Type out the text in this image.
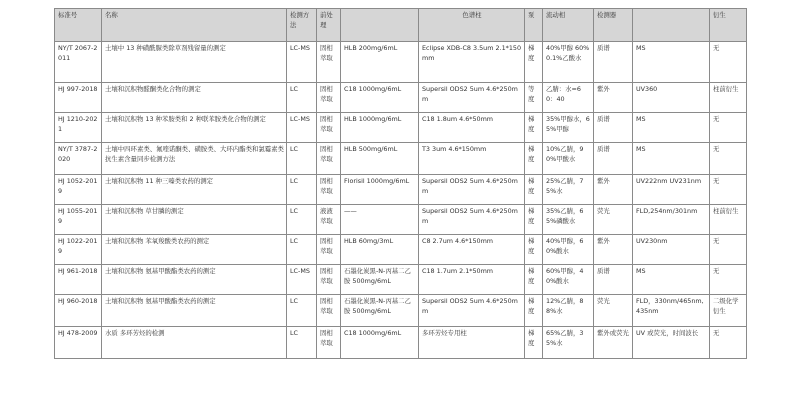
标准号	名称	检测方法	前处理		色谱柱	泵	流动相	检测器		衍生
NY/T 2067-2011	土壤中 13 种磺酰脲类除草剂残留量的测定	LC-MS	固相萃取	HLB 200mg/6mL	Eclipse XDB-C8 3.5um 2.1*150mm	梯度	40%甲醇 60% 0.1%乙酸水	质谱	MS	无
HJ 997-2018	土壤和沉积物醛酮类化合物的测定	LC	固相萃取	C18 1000mg/6mL	Supersil ODS2 5um 4.6*250mm	等度	乙腈：水=60：40	紫外	UV360	柱前衍生
HJ 1210-2021	土壤和沉积物 13 种苯胺类和 2 种联苯胺类化合物的测定	LC-MS	固相萃取	HLB 1000mg/6mL	C18 1.8um 4.6*50mm	梯度	35%甲醇水，65%甲醇	质谱	MS	无
NY/T 3787-2020	土壤中四环素类、氟喹诺酮类、磺胺类、大环内酯类和氯霉素类抗生素含量同步检测方法	LC	固相萃取	HLB 500mg/6mL	T3 3um 4.6*150mm	梯度	10%乙腈，90%甲酸水	质谱	MS	无
HJ 1052-2019	土壤和沉积物 11 种三嗪类农药的测定	LC	固相萃取	Florisil 1000mg/6mL	Supersil ODS2 5um 4.6*250mm	梯度	25%乙腈，75%水	紫外	UV222nm UV231nm	无
HJ 1055-2019	土壤和沉积物 草甘膦的测定	LC	液液萃取	——	Supersil ODS2 5um 4.6*250mm	梯度	35%乙腈，65%磷酸水	荧光	FLD,254nm/301nm	柱前衍生
HJ 1022-2019	土壤和沉积物 苯氧羧酸类农药的测定	LC	固相萃取	HLB 60mg/3mL	C8 2.7um 4.6*150mm	梯度	40%甲醇，60%酸水	紫外	UV230nm	无
HJ 961-2018	土壤和沉积物 氨基甲酸酯类农药的测定	LC-MS	固相萃取	石墨化炭黑-N-丙基二乙胺 500mg/6mL	C18 1.7um 2.1*50mm	梯度	60%甲醇，40%酸水	质谱	MS	无
HJ 960-2018	土壤和沉积物 氨基甲酸酯类农药的测定	LC	固相萃取	石墨化炭黑-N-丙基二乙胺 500mg/6mL	Supersil ODS2 5um 4.6*250mm	梯度	12%乙腈，88%水	荧光	FLD，330nm/465nm,435nm	二级化学衍生
HJ 478-2009	水质 多环芳烃的检测	LC	固相萃取	C18 1000mg/6mL	多环芳烃专用柱	梯度	65%乙腈，35%水	紫外或荧光	UV 或荧光，时间波长	无
